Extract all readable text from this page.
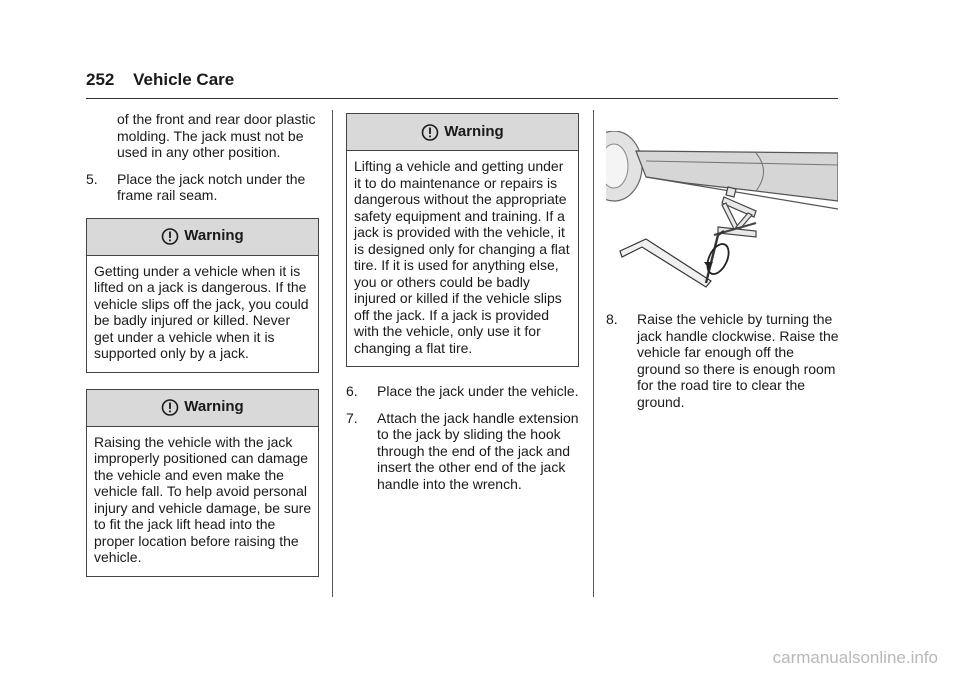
252 Vehicle Care
of the front and rear door plastic molding. The jack must not be used in any other position.
5.	Place the jack notch under the frame rail seam.
Warning
Getting under a vehicle when it is lifted on a jack is dangerous. If the vehicle slips off the jack, you could be badly injured or killed. Never get under a vehicle when it is supported only by a jack.
Warning
Raising the vehicle with the jack improperly positioned can damage the vehicle and even make the vehicle fall. To help avoid personal injury and vehicle damage, be sure to fit the jack lift head into the proper location before raising the vehicle.
Warning
Lifting a vehicle and getting under it to do maintenance or repairs is dangerous without the appropriate safety equipment and training. If a jack is provided with the vehicle, it is designed only for changing a flat tire. If it is used for anything else, you or others could be badly injured or killed if the vehicle slips off the jack. If a jack is provided with the vehicle, only use it for changing a flat tire.
6.	Place the jack under the vehicle.
7.	Attach the jack handle extension to the jack by sliding the hook through the end of the jack and insert the other end of the jack handle into the wrench.
8.	Raise the vehicle by turning the jack handle clockwise. Raise the vehicle far enough off the ground so there is enough room for the road tire to clear the ground.
carmanualsonline.info
